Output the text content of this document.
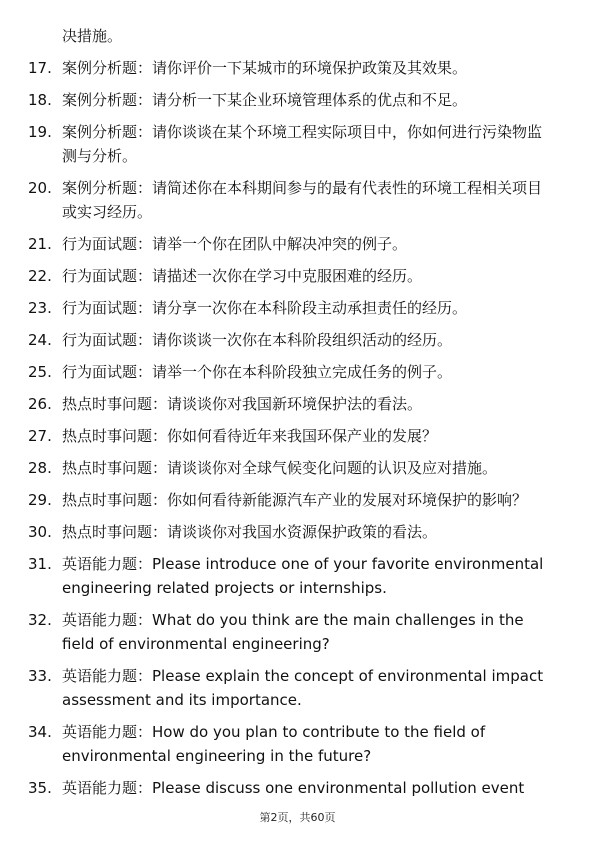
决措施。
17. 案例分析题：请你评价一下某城市的环境保护政策及其效果。
18. 案例分析题：请分析一下某企业环境管理体系的优点和不足。
19. 案例分析题：请你谈谈在某个环境工程实际项目中，你如何进行污染物监测与分析。
20. 案例分析题：请简述你在本科期间参与的最有代表性的环境工程相关项目或实习经历。
21. 行为面试题：请举一个你在团队中解决冲突的例子。
22. 行为面试题：请描述一次你在学习中克服困难的经历。
23. 行为面试题：请分享一次你在本科阶段主动承担责任的经历。
24. 行为面试题：请你谈谈一次你在本科阶段组织活动的经历。
25. 行为面试题：请举一个你在本科阶段独立完成任务的例子。
26. 热点时事问题：请谈谈你对我国新环境保护法的看法。
27. 热点时事问题：你如何看待近年来我国环保产业的发展？
28. 热点时事问题：请谈谈你对全球气候变化问题的认识及应对措施。
29. 热点时事问题：你如何看待新能源汽车产业的发展对环境保护的影响？
30. 热点时事问题：请谈谈你对我国水资源保护政策的看法。
31. 英语能力题：Please introduce one of your favorite environmental engineering related projects or internships.
32. 英语能力题：What do you think are the main challenges in the field of environmental engineering?
33. 英语能力题：Please explain the concept of environmental impact assessment and its importance.
34. 英语能力题：How do you plan to contribute to the field of environmental engineering in the future?
35. 英语能力题：Please discuss one environmental pollution event
第2页，共60页
